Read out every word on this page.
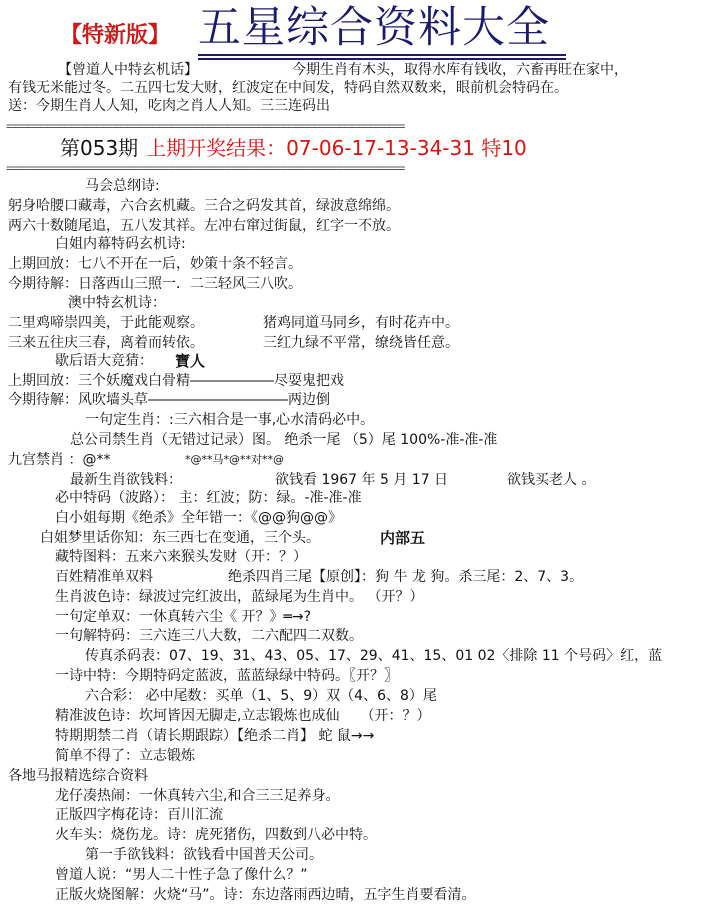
【特新版】 五星综合资料大全
【曾道人中特玄机话】	今期生肖有木头，取得水库有钱收，六畜再旺在家中，
有钱无米能过冬。二五四七发大财，红波定在中间发，特码自然双数来，眼前机会特码在。
送：今期生肖人人知，吃肉之肖人人知。三三连码出
================================================================
第053期 上期开奖结果：07-06-17-13-34-31 特10
================================================================
马会总纲诗:
躬身哈腰口藏毒，六合玄机藏。三合之码发其首，绿波意绵绵。
两六十数随尾追，五八发其祥。左冲右窜过街鼠，红字一不放。
白姐内幕特码玄机诗:
上期回放：七八不开在一后，妙策十条不轻言。
今期待解：日落西山三照一．二三轻风三八吹。
澳中特玄机诗：
二里鸡啼崇四美，于此能观察。	猪鸡同道马同乡，有时花卉中。
三来五往庆三春，离着而转依。	三红九绿不平常，缭绕皆任意。
歇后语大竞猜： 寶人
上期回放：三个妖魔戏白骨精――――――尽耍鬼把戏
今期待解：风吹墙头草――――――――――两边倒
一句定生肖：:三六相合是一事,心水清码必中。
总公司禁生肖（无错过记录）图。 绝杀一尾 （5）尾 100%-准-准-准
九宫禁肖 ：@**	*@**马*@**对**@
最新生肖欲钱料：	欲钱看 1967 年 5 月 17 日	欲钱买老人 。
必中特码（波路）： 主：红波；防：绿。-准-准-准
白小姐每期《绝杀》全年错一：《@@狗@@》
白姐梦里话你知：东三西七在变通，三个头。	内部五
藏特图料：五来六来猴头发财（开：？）
百姓精准单双料	绝杀四肖三尾【原创】：狗 牛 龙 狗。杀三尾：2、7、3。
生肖波色诗：绿波过完红波出，蓝绿尾为生肖中。 （开？）
一句定单双：一休真转六尘《 开？》═→?
一句解特码：三六连三八大数，二六配四二双数。
传真杀码表：07、19、31、43、05、17、29、41、15、01 02〈排除 11 个号码〉红，蓝
一诗中特：今期特码定蓝波，蓝蓝绿绿中特码。〖开？〗
六合彩： 必中尾数：买单（1、5、9）双（4、6、8）尾
精准波色诗：坎坷皆因无脚走,立志锻炼也成仙　　（开：？）
特期期禁二肖（请长期跟踪）【绝杀二肖】 蛇 鼠→→
简单不得了：立志锻炼
各地马报精选综合资料
龙仔凑热闹：一休真转六尘,和合三三足养身。
正版四字梅花诗：百川汇流
火车头：烧伤龙。诗：虎死猪伤，四数到八必中特。
第一手欲钱料：欲钱看中国普天公司。
曾道人说：“男人二十性子急了像什么？”
正版火烧图解：火烧“马”。诗：东边落雨西边晴，五字生肖要看清。
